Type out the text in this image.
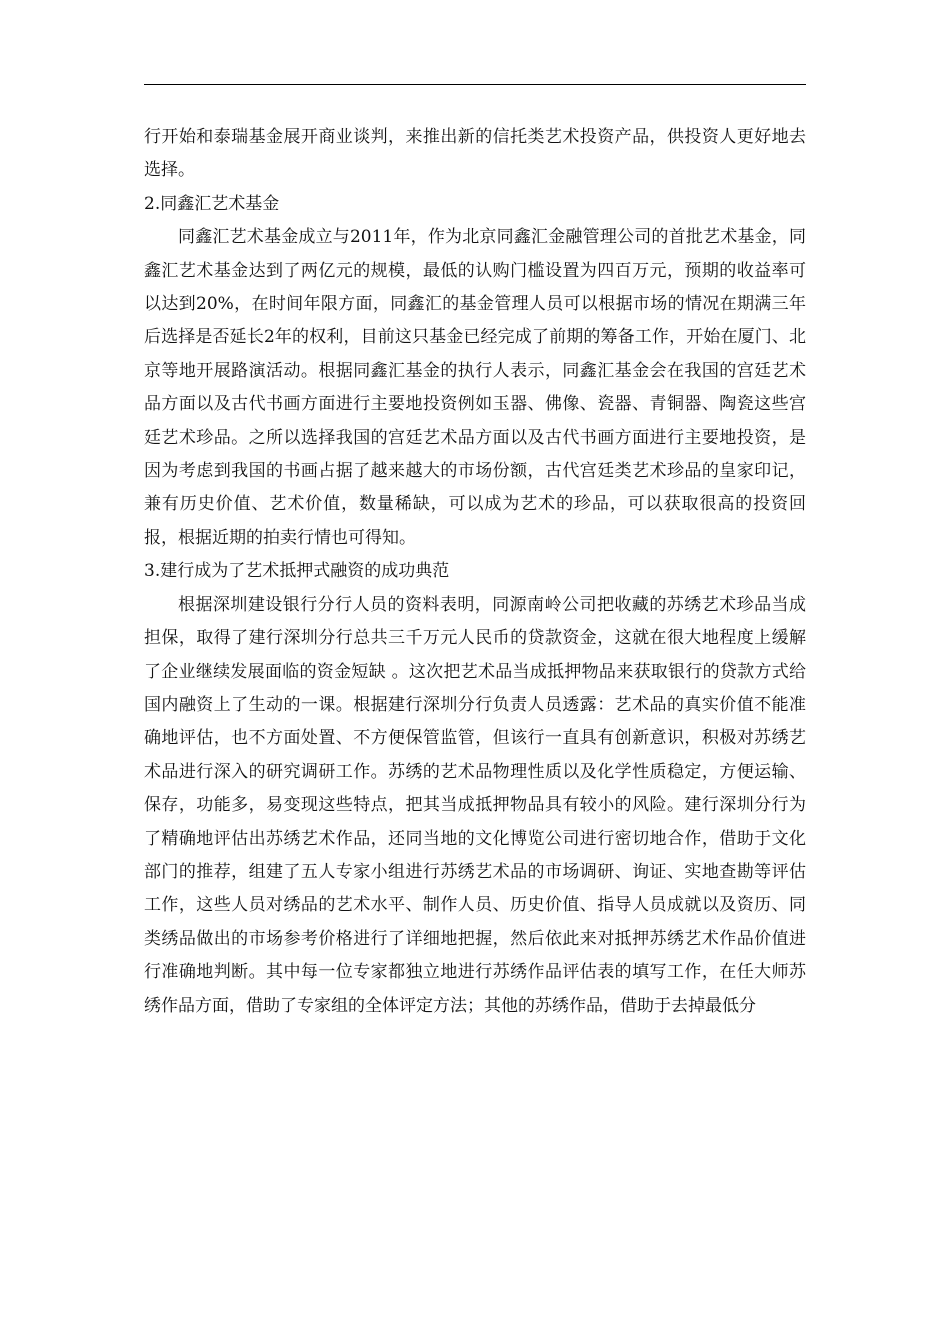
行开始和泰瑞基金展开商业谈判，来推出新的信托类艺术投资产品，供投资人更好地去选择。

2.同鑫汇艺术基金

同鑫汇艺术基金成立与2011年，作为北京同鑫汇金融管理公司的首批艺术基金，同鑫汇艺术基金达到了两亿元的规模，最低的认购门槛设置为四百万元，预期的收益率可以达到20%，在时间年限方面，同鑫汇的基金管理人员可以根据市场的情况在期满三年后选择是否延长2年的权利，目前这只基金已经完成了前期的筹备工作，开始在厦门、北京等地开展路演活动。根据同鑫汇基金的执行人表示，同鑫汇基金会在我国的宫廷艺术品方面以及古代书画方面进行主要地投资例如玉器、佛像、瓷器、青铜器、陶瓷这些宫廷艺术珍品。之所以选择我国的宫廷艺术品方面以及古代书画方面进行主要地投资，是因为考虑到我国的书画占据了越来越大的市场份额，古代宫廷类艺术珍品的皇家印记，兼有历史价值、艺术价值，数量稀缺，可以成为艺术的珍品，可以获取很高的投资回报，根据近期的拍卖行情也可得知。

3.建行成为了艺术抵押式融资的成功典范

根据深圳建设银行分行人员的资料表明，同源南岭公司把收藏的苏绣艺术珍品当成担保，取得了建行深圳分行总共三千万元人民币的贷款资金，这就在很大地程度上缓解了企业继续发展面临的资金短缺 。这次把艺术品当成抵押物品来获取银行的贷款方式给国内融资上了生动的一课。根据建行深圳分行负责人员透露：艺术品的真实价值不能准确地评估，也不方面处置、不方便保管监管，但该行一直具有创新意识，积极对苏绣艺术品进行深入的研究调研工作。苏绣的艺术品物理性质以及化学性质稳定，方便运输、保存，功能多，易变现这些特点，把其当成抵押物品具有较小的风险。建行深圳分行为了精确地评估出苏绣艺术作品，还同当地的文化博览公司进行密切地合作，借助于文化部门的推荐，组建了五人专家小组进行苏绣艺术品的市场调研、询证、实地查勘等评估工作，这些人员对绣品的艺术水平、制作人员、历史价值、指导人员成就以及资历、同类绣品做出的市场参考价格进行了详细地把握，然后依此来对抵押苏绣艺术作品价值进行准确地判断。其中每一位专家都独立地进行苏绣作品评估表的填写工作，在任大师苏绣作品方面，借助了专家组的全体评定方法；其他的苏绣作品，借助于去掉最低分
